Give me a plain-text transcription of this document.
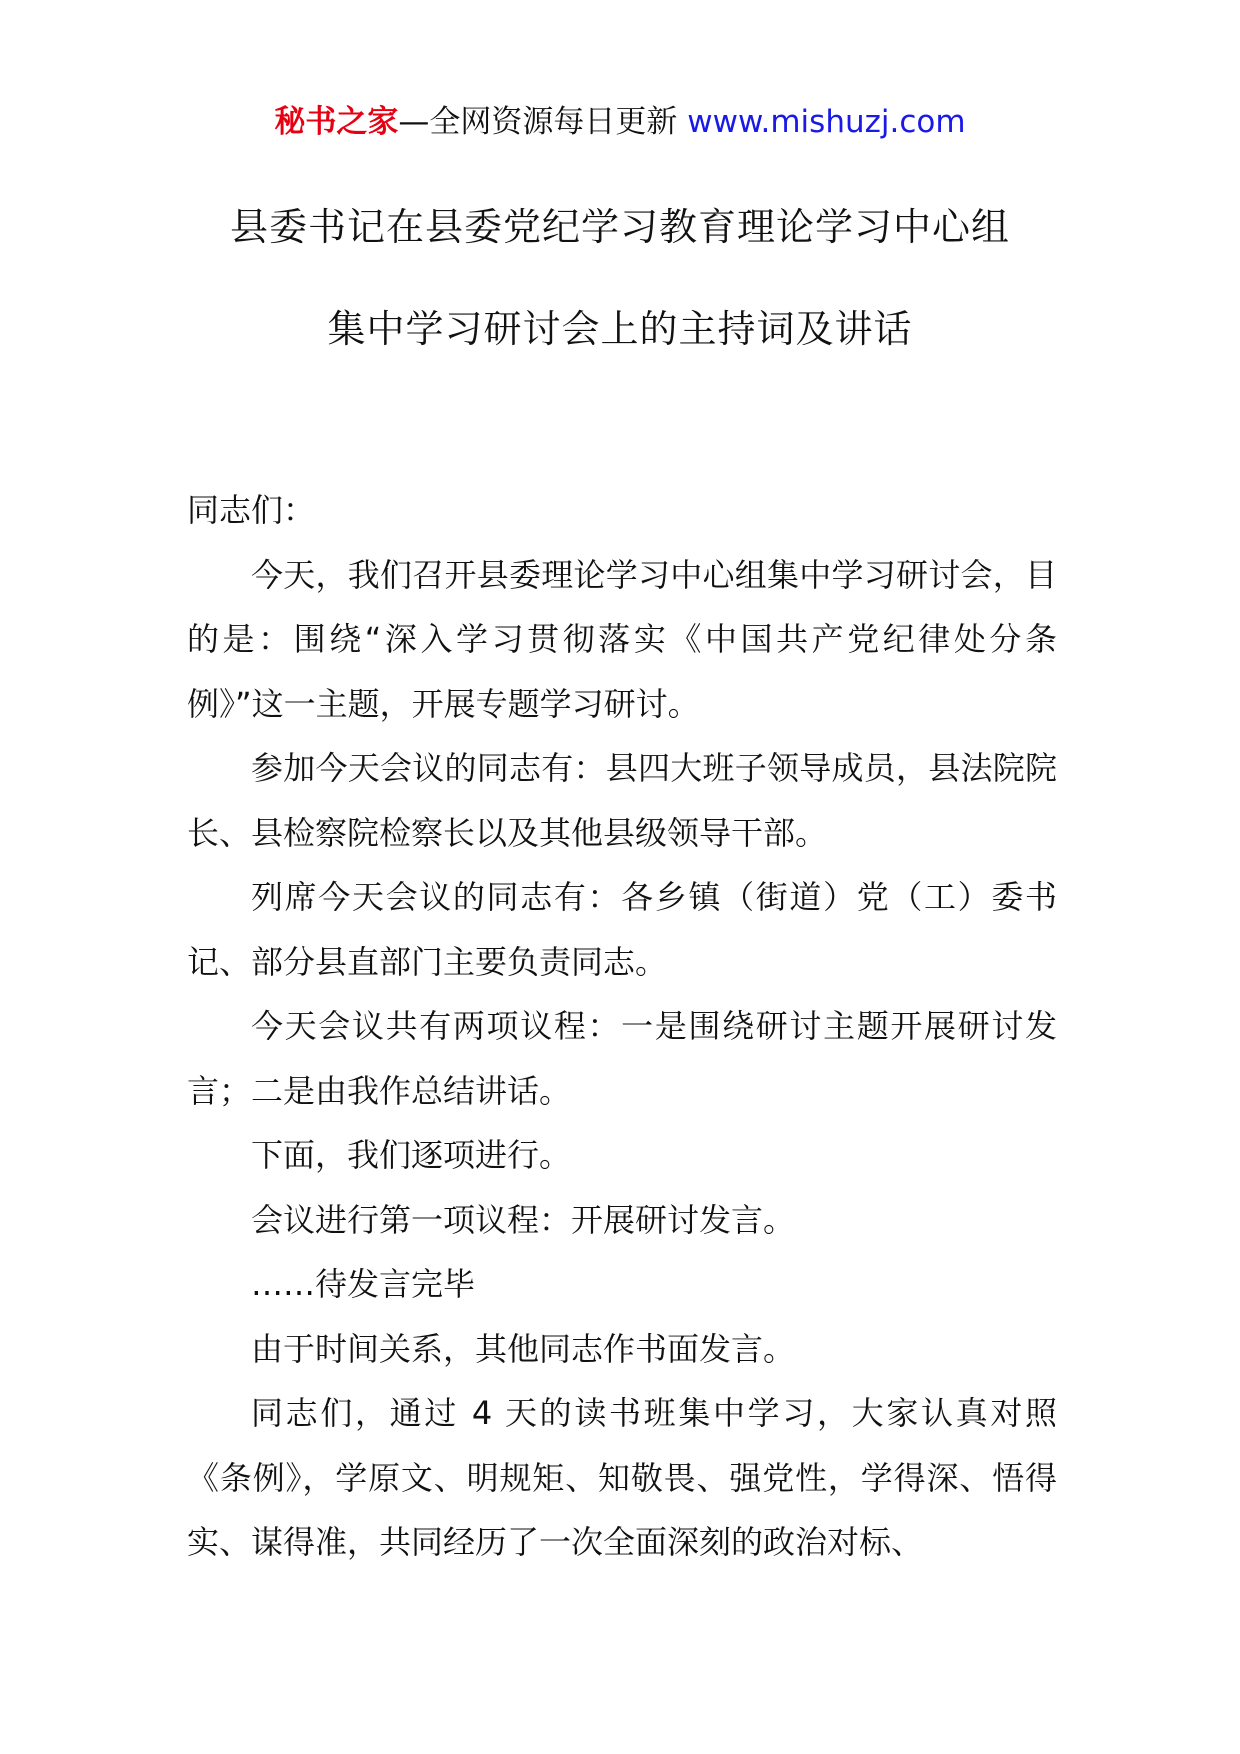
秘书之家—全网资源每日更新 www.mishuzj.com
县委书记在县委党纪学习教育理论学习中心组
集中学习研讨会上的主持词及讲话

同志们：

今天，我们召开县委理论学习中心组集中学习研讨会，目的是：围绕“深入学习贯彻落实《中国共产党纪律处分条例》”这一主题，开展专题学习研讨。

参加今天会议的同志有：县四大班子领导成员，县法院院长、县检察院检察长以及其他县级领导干部。

列席今天会议的同志有：各乡镇（街道）党（工）委书记、部分县直部门主要负责同志。

今天会议共有两项议程：一是围绕研讨主题开展研讨发言；二是由我作总结讲话。

下面，我们逐项进行。

会议进行第一项议程：开展研讨发言。

……待发言完毕

由于时间关系，其他同志作书面发言。

同志们，通过 4 天的读书班集中学习，大家认真对照《条例》，学原文、明规矩、知敬畏、强党性，学得深、悟得实、谋得准，共同经历了一次全面深刻的政治对标、
